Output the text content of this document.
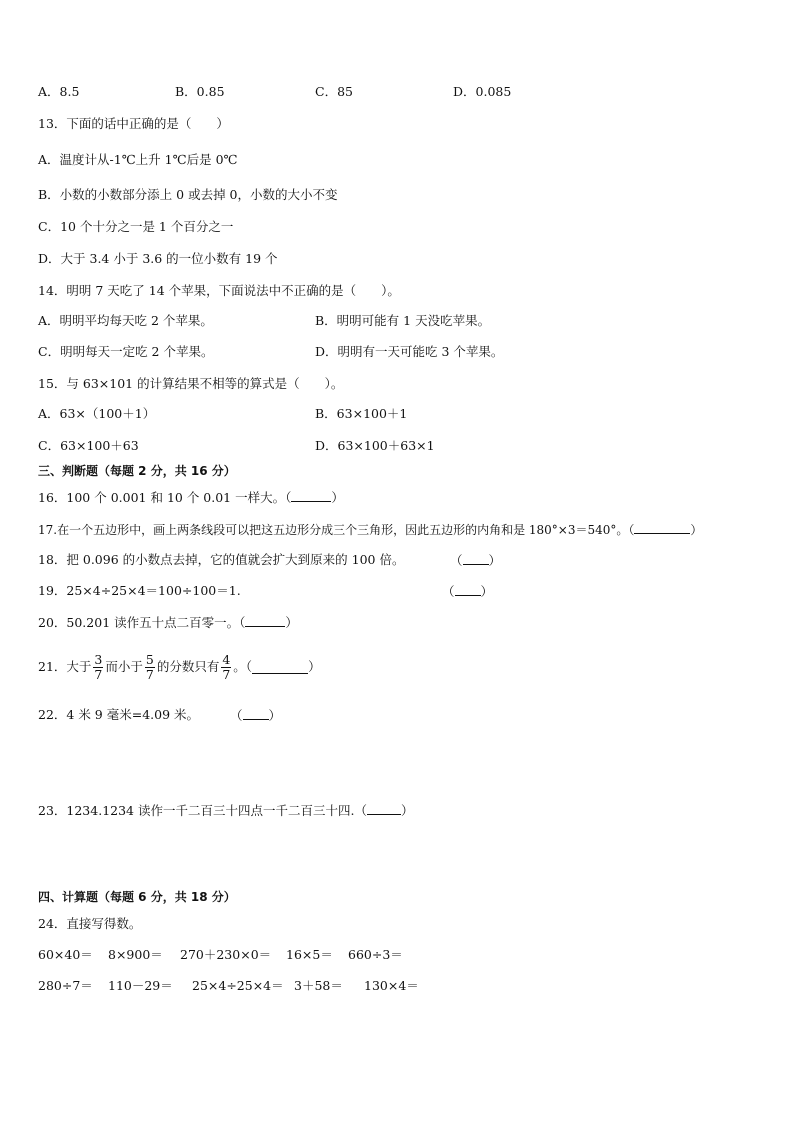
A．8.5	B．0.85	C．85	D．0.085
13．下面的话中正确的是（　　）
A．温度计从-1℃上升 1℃后是 0℃
B．小数的小数部分添上 0 或去掉 0，小数的大小不变
C．10 个十分之一是 1 个百分之一
D．大于 3.4 小于 3.6 的一位小数有 19 个
14．明明 7 天吃了 14 个苹果，下面说法中不正确的是（　　）。
A．明明平均每天吃 2 个苹果。	B．明明可能有 1 天没吃苹果。
C．明明每天一定吃 2 个苹果。	D．明明有一天可能吃 3 个苹果。
15．与 63×101 的计算结果不相等的算式是（　　）。
A．63×（100＋1）	B．63×100＋1
C．63×100＋63	D．63×100＋63×1
三、判断题（每题 2 分，共 16 分）
16．100 个 0.001 和 10 个 0.01 一样大。（	）
17.在一个五边形中，画上两条线段可以把这五边形分成三个三角形，因此五边形的内角和是 180°×3＝540°。（	）
18．把 0.096 的小数点去掉，它的值就会扩大到原来的 100 倍。	（ ）
19．25×4÷25×4＝100÷100＝1.	（ ）
20．50.201 读作五十点二百零一。（	）
21．大于 $\frac{3}{7}$ 而小于 $\frac{5}{7}$ 的分数只有 $\frac{4}{7}$ 。（	）
22．4 米 9 毫米=4.09 米。 （ ）
23．1234.1234 读作一千二百三十四点一千二百三十四.（	）
四、计算题（每题 6 分，共 18 分）
24．直接写得数。
60×40＝ 8×900＝ 270＋230×0＝ 16×5＝ 660÷3＝
280÷7＝ 110－29＝ 25×4÷25×4＝ 3＋58＝ 130×4＝
